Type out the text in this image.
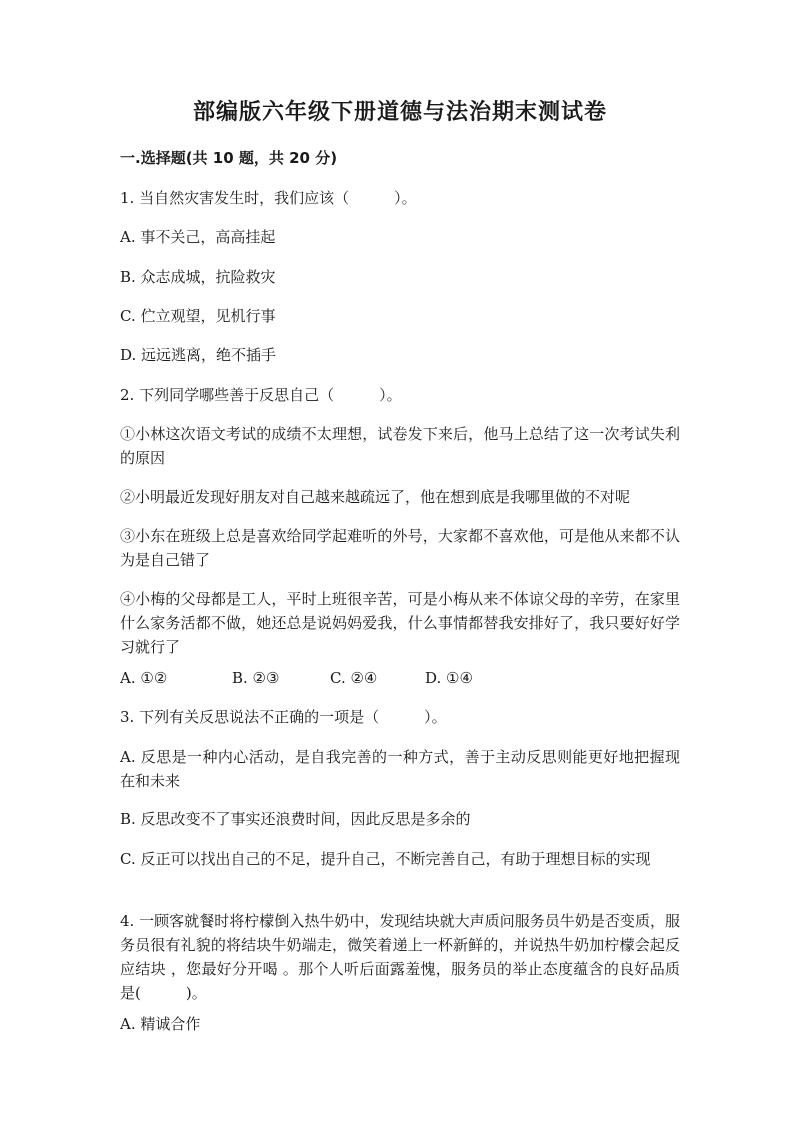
部编版六年级下册道德与法治期末测试卷
一.选择题(共 10 题，共 20 分)
1. 当自然灾害发生时，我们应该（　　　）。
A. 事不关己，高高挂起
B. 众志成城，抗险救灾
C. 伫立观望，见机行事
D. 远远逃离，绝不插手
2. 下列同学哪些善于反思自己（　　　）。
①小林这次语文考试的成绩不太理想，试卷发下来后，他马上总结了这一次考试失利的原因
②小明最近发现好朋友对自己越来越疏远了，他在想到底是我哪里做的不对呢
③小东在班级上总是喜欢给同学起难听的外号，大家都不喜欢他，可是他从来都不认为是自己错了
④小梅的父母都是工人，平时上班很辛苦，可是小梅从来不体谅父母的辛劳，在家里什么家务活都不做，她还总是说妈妈爱我，什么事情都替我安排好了，我只要好好学习就行了
A. ①②	B. ②③	C. ②④	D. ①④
3. 下列有关反思说法不正确的一项是（　　　）。
A. 反思是一种内心活动，是自我完善的一种方式，善于主动反思则能更好地把握现在和未来
B. 反思改变不了事实还浪费时间，因此反思是多余的
C. 反正可以找出自己的不足，提升自己，不断完善自己，有助于理想目标的实现
4. 一顾客就餐时将柠檬倒入热牛奶中，发现结块就大声质问服务员牛奶是否变质，服务员很有礼貌的将结块牛奶端走，微笑着递上一杯新鲜的，并说热牛奶加柠檬会起反应结块 ，您最好分开喝 。那个人听后面露羞愧，服务员的举止态度蕴含的良好品质是(　　　)。
A. 精诚合作
